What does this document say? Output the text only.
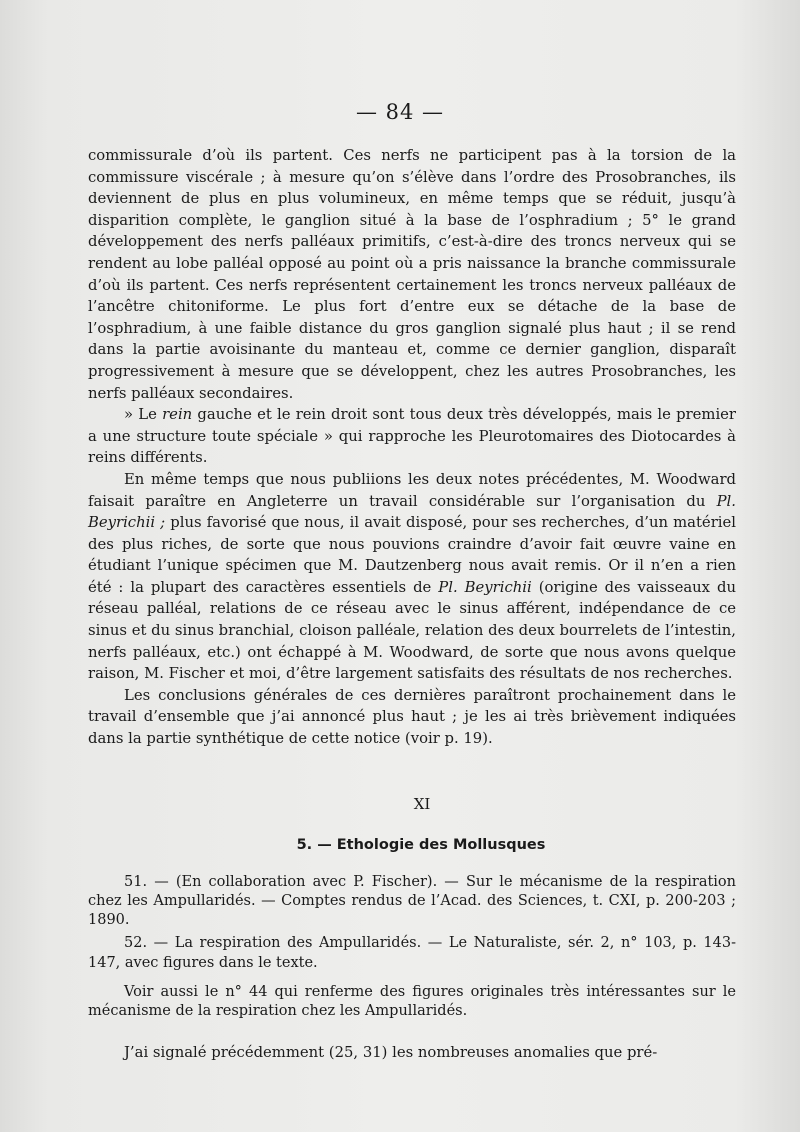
— 84 —

commissurale d’où ils partent. Ces nerfs ne participent pas à la torsion de la commissure viscérale ; à mesure qu’on s’élève dans l’ordre des Prosobranches, ils deviennent de plus en plus volumineux, en même temps que se réduit, jusqu’à disparition complète, le ganglion situé à la base de l’osphradium ; 5° le grand développement des nerfs palléaux primitifs, c’est-à-dire des troncs nerveux qui se rendent au lobe palléal opposé au point où a pris naissance la branche commissurale d’où ils partent. Ces nerfs représentent certainement les troncs nerveux palléaux de l’ancêtre chitoniforme. Le plus fort d’entre eux se détache de la base de l’osphradium, à une faible distance du gros ganglion signalé plus haut ; il se rend dans la partie avoisinante du manteau et, comme ce dernier ganglion, disparaît progressivement à mesure que se développent, chez les autres Prosobranches, les nerfs palléaux secondaires.

» Le rein gauche et le rein droit sont tous deux très développés, mais le premier a une structure toute spéciale » qui rapproche les Pleurotomaires des Diotocardes à reins différents.

En même temps que nous publiions les deux notes précédentes, M. Woodward faisait paraître en Angleterre un travail considérable sur l’organisation du Pl. Beyrichii ; plus favorisé que nous, il avait disposé, pour ses recherches, d’un matériel des plus riches, de sorte que nous pouvions craindre d’avoir fait œuvre vaine en étudiant l’unique spécimen que M. Dautzenberg nous avait remis. Or il n’en a rien été : la plupart des caractères essentiels de Pl. Beyrichii (origine des vaisseaux du réseau palléal, relations de ce réseau avec le sinus afférent, indépendance de ce sinus et du sinus branchial, cloison palléale, relation des deux bourrelets de l’intestin, nerfs palléaux, etc.) ont échappé à M. Woodward, de sorte que nous avons quelque raison, M. Fischer et moi, d’être largement satisfaits des résultats de nos recherches.

Les conclusions générales de ces dernières paraîtront prochainement dans le travail d’ensemble que j’ai annoncé plus haut ; je les ai très brièvement indiquées dans la partie synthétique de cette notice (voir p. 19).

XI

5. — Ethologie des Mollusques

51. — (En collaboration avec P. Fischer). — Sur le mécanisme de la respiration chez les Ampullaridés. — Comptes rendus de l’Acad. des Sciences, t. CXI, p. 200-203 ; 1890.

52. — La respiration des Ampullaridés. — Le Naturaliste, sér. 2, n° 103, p. 143-147, avec figures dans le texte.

Voir aussi le n° 44 qui renferme des figures originales très intéressantes sur le mécanisme de la respiration chez les Ampullaridés.

J’ai signalé précédemment (25, 31) les nombreuses anomalies que pré-
